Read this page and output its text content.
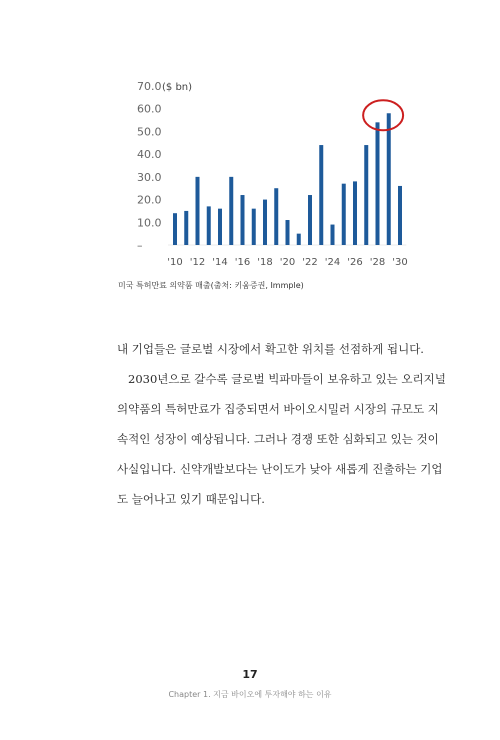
70.0
60.0
50.0
40.0
30.0
20.0
10.0
–
($ bn)
'10 '12 '14 '16 '18 '20 '22 '24 '26 '28 '30
미국 특허만료 의약품 매출(출처: 키움증권, Immple)
내 기업들은 글로벌 시장에서 확고한 위치를 선점하게 됩니다.
2030년으로 갈수록 글로벌 빅파마들이 보유하고 있는 오리지널
의약품의 특허만료가 집중되면서 바이오시밀러 시장의 규모도 지
속적인 성장이 예상됩니다. 그러나 경쟁 또한 심화되고 있는 것이
사실입니다. 신약개발보다는 난이도가 낮아 새롭게 진출하는 기업
도 늘어나고 있기 때문입니다.
17
Chapter 1. 지금 바이오에 투자해야 하는 이유
